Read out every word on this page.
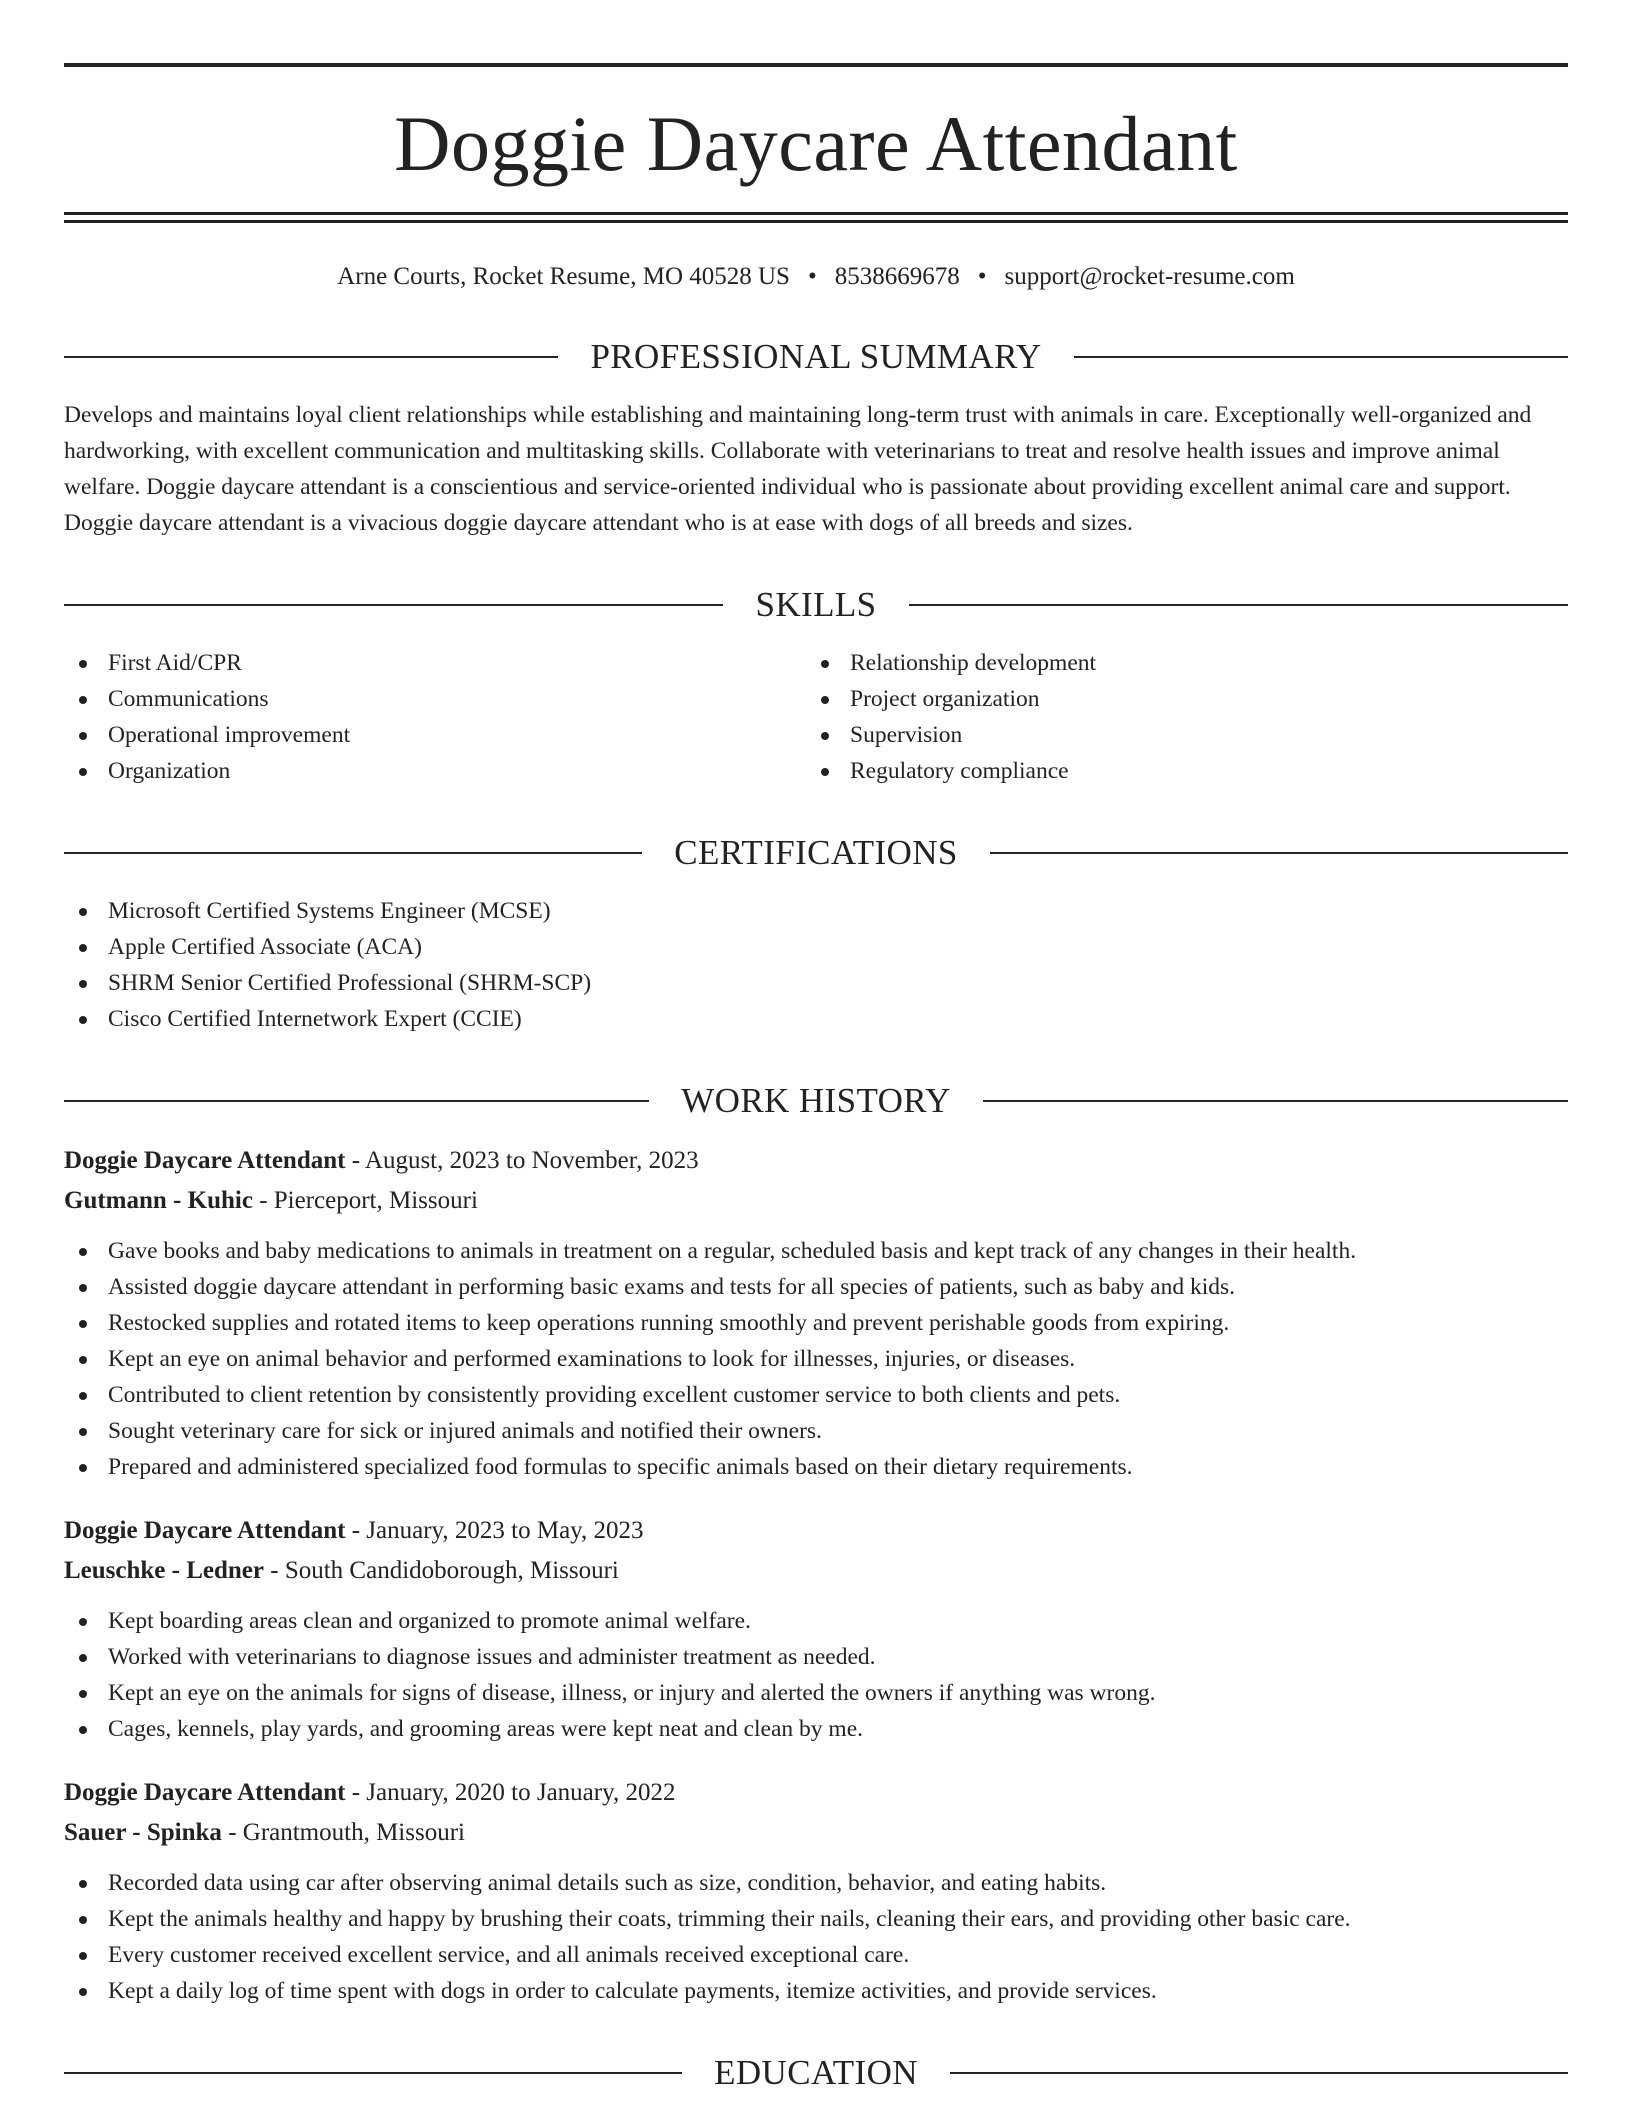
Doggie Daycare Attendant
Arne Courts, Rocket Resume, MO 40528 US • 8538669678 • support@rocket-resume.com
PROFESSIONAL SUMMARY

Develops and maintains loyal client relationships while establishing and maintaining long-term trust with animals in care. Exceptionally well-organized and hardworking, with excellent communication and multitasking skills. Collaborate with veterinarians to treat and resolve health issues and improve animal welfare. Doggie daycare attendant is a conscientious and service-oriented individual who is passionate about providing excellent animal care and support. Doggie daycare attendant is a vivacious doggie daycare attendant who is at ease with dogs of all breeds and sizes.

SKILLS
First Aid/CPR
Communications
Operational improvement
Organization
Relationship development
Project organization
Supervision
Regulatory compliance
CERTIFICATIONS
Microsoft Certified Systems Engineer (MCSE)
Apple Certified Associate (ACA)
SHRM Senior Certified Professional (SHRM-SCP)
Cisco Certified Internetwork Expert (CCIE)
WORK HISTORY
Doggie Daycare Attendant - August, 2023 to November, 2023
Gutmann - Kuhic - Pierceport, Missouri
Gave books and baby medications to animals in treatment on a regular, scheduled basis and kept track of any changes in their health.
Assisted doggie daycare attendant in performing basic exams and tests for all species of patients, such as baby and kids.
Restocked supplies and rotated items to keep operations running smoothly and prevent perishable goods from expiring.
Kept an eye on animal behavior and performed examinations to look for illnesses, injuries, or diseases.
Contributed to client retention by consistently providing excellent customer service to both clients and pets.
Sought veterinary care for sick or injured animals and notified their owners.
Prepared and administered specialized food formulas to specific animals based on their dietary requirements.
Doggie Daycare Attendant - January, 2023 to May, 2023
Leuschke - Ledner - South Candidoborough, Missouri
Kept boarding areas clean and organized to promote animal welfare.
Worked with veterinarians to diagnose issues and administer treatment as needed.
Kept an eye on the animals for signs of disease, illness, or injury and alerted the owners if anything was wrong.
Cages, kennels, play yards, and grooming areas were kept neat and clean by me.
Doggie Daycare Attendant - January, 2020 to January, 2022
Sauer - Spinka - Grantmouth, Missouri
Recorded data using car after observing animal details such as size, condition, behavior, and eating habits.
Kept the animals healthy and happy by brushing their coats, trimming their nails, cleaning their ears, and providing other basic care.
Every customer received excellent service, and all animals received exceptional care.
Kept a daily log of time spent with dogs in order to calculate payments, itemize activities, and provide services.
EDUCATION
